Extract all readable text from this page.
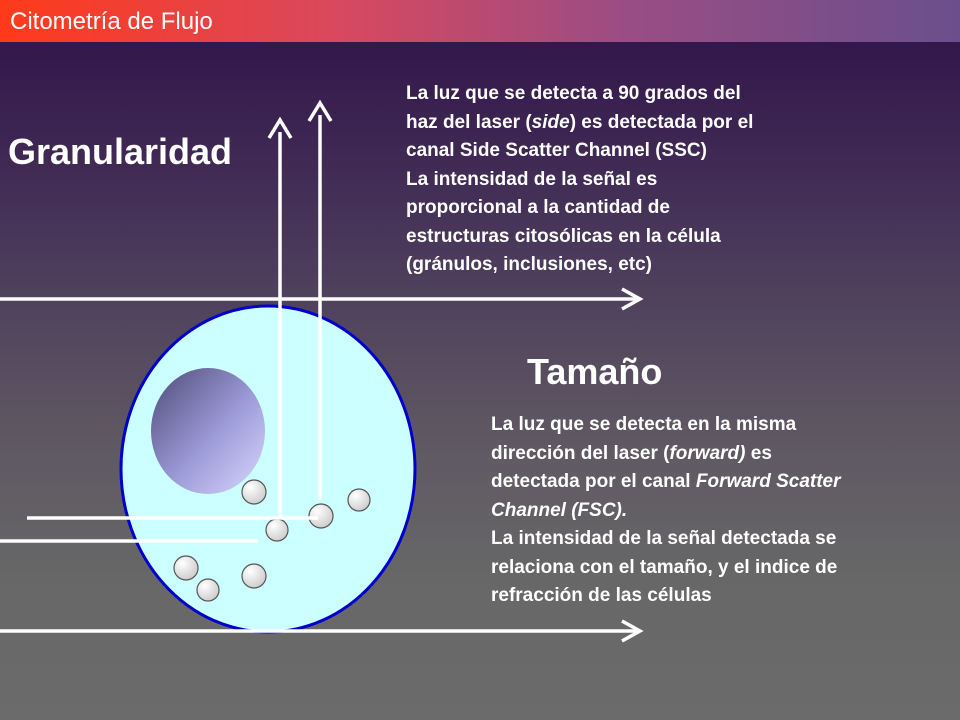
Citometría de Flujo
Granularidad
Tamaño

La luz que se detecta a 90 grados del

haz del laser (side) es detectada por el

canal Side Scatter Channel (SSC)

La intensidad de la señal es

proporcional a la cantidad de

estructuras citosólicas en la célula

(gránulos, inclusiones, etc)

La luz que se detecta en la misma

dirección del laser (forward) es

detectada por el canal Forward Scatter

Channel (FSC).

La intensidad de la señal detectada se

relaciona con el tamaño, y el indice de

refracción de las células
